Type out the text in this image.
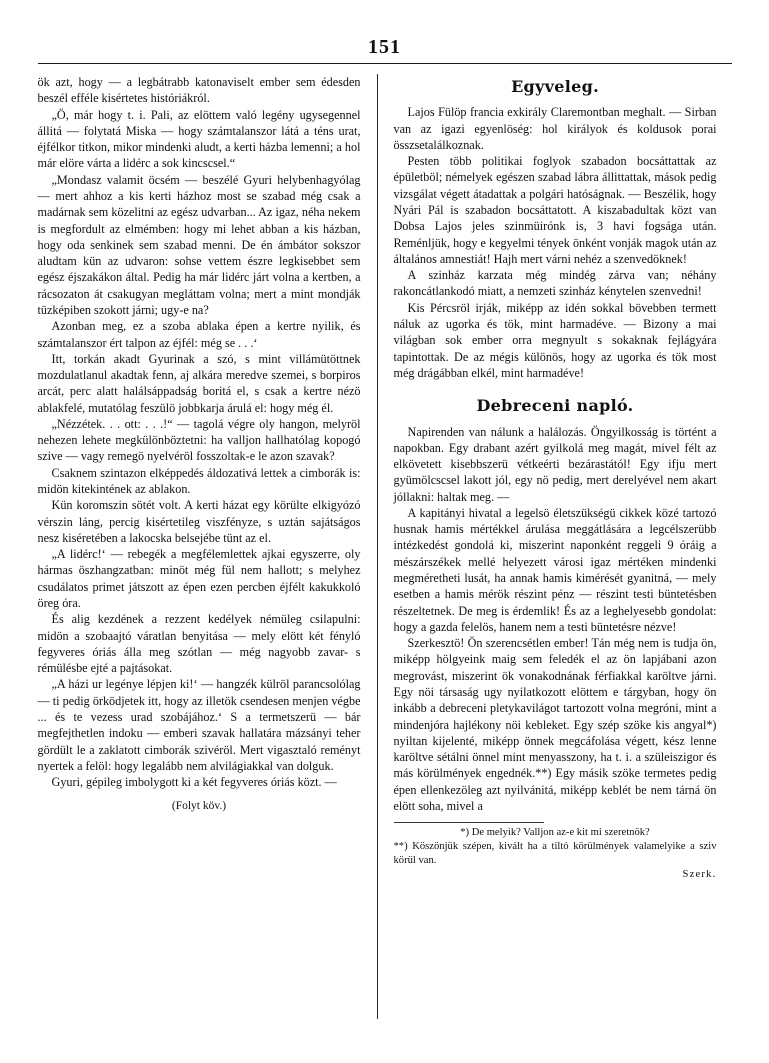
151

ök azt, hogy — a legbátrabb katonaviselt ember sem édesden beszél efféle kisértetes históriákról.

„Ö, már hogy t. i. Pali, az elöttem való legény ugysegennel állitá — folytatá Miska — hogy számtalanszor látá a téns urat, éjfélkor titkon, mikor mindenki aludt, a kerti házba lemenni; a hol már elöre várta a lidérc a sok kincscsel.“

„Mondasz valamit öcsém — beszélé Gyuri helybenhagyólag — mert ahhoz a kis kerti házhoz most se szabad még csak a madárnak sem közelitni az egész udvarban... Az igaz, néha nekem is megfordult az elmémben: hogy mi lehet abban a kis házban, hogy oda senkinek sem szabad menni. De én ámbátor sokszor aludtam kün az udvaron: sohse vettem észre legkisebbet sem egész éjszakákon által. Pedig ha már lidérc járt volna a kertben, a rácsozaton át csakugyan megláttam volna; mert a mint mondják tüzképiben szokott járni; ugy-e na?

Azonban meg, ez a szoba ablaka épen a kertre nyilik, és számtalanszor ért talpon az éjfél: még se . . .‘

Itt, torkán akadt Gyurinak a szó, s mint villámütöttnek mozdulatlanul akadtak fenn, aj alkára meredve szemei, s borpiros arcát, perc alatt halálsáppadság boritá el, s csak a kertre nézö ablakfelé, mutatólag feszülö jobbkarja árulá el: hogy még él.

„Nézzétek. . . ott: . . .!“ — tagolá végre oly hangon, melyröl nehezen lehete megkülönböztetni: ha valljon hallhatólag kopogó szive — vagy remegö nyelvéröl fosszoltak-e le azon szavak?

Csaknem szintazon elképpedés áldozativá lettek a cimborák is: midön kitekintének az ablakon.

Kün koromszin sötét volt. A kerti házat egy körülte elkigyózó vérszin láng, percig kisértetileg viszfényze, s uztán sajátságos nesz kiséretében a lakocska belsejébe tünt az el.

„A lidérc!‘ — rebegék a megfélemlettek ajkai egyszerre, oly hármas öszhangzatban: minöt még fül nem hallott; s melyhez csudálatos primet játszott az épen ezen percben éjfélt kakukkoló öreg óra.

És alig kezdének a rezzent kedélyek némüleg csilapulni: midön a szobaajtó váratlan benyitása — mely elött két fényló fegyveres óriás álla meg szótlan — még nagyobb zavar- s rémülésbe ejté a pajtásokat.

„A házi ur legénye lépjen ki!‘ — hangzék külröl parancsolólag — ti pedig örködjetek itt, hogy az illetök csendesen menjen végbe ... és te vezess urad szobájához.‘ S a termetszerü — bár megfejthetlen indoku — emberi szavak hallatára mázsányi teher gördült le a zaklatott cimborák szivéröl. Mert vigasztaló reményt nyertek a felöl: hogy legalább nem alvilágiakkal van dolguk.

Gyuri, gépileg imbolygott ki a két fegyveres óriás közt. —

(Folyt köv.)

Egyveleg.

Lajos Fülöp francia exkirály Claremontban meghalt. — Sirban van az igazi egyenlöség: hol királyok és koldusok porai összsetalálkoznak.

Pesten több politikai foglyok szabadon bocsáttattak az épületböl; némelyek egészen szabad lábra állittattak, mások pedig vizsgálat végett átadattak a polgári hatóságnak. — Beszélik, hogy Nyári Pál is szabadon bocsáttatott. A kiszabadultak közt van Dobsa Lajos jeles szinmüirónk is, 3 havi fogsága után. Reménljük, hogy e kegyelmi tények önként vonják magok után az általános amnestiát! Hajh mert várni nehéz a szenvedöknek!

A szinház karzata még mindég zárva van; néhány rakoncátlankodó miatt, a nemzeti szinház kénytelen szenvedni!

Kis Pércsröl irják, miképp az idén sokkal bövebben termett náluk az ugorka és tök, mint harmadéve. — Bizony a mai világban sok ember orra megnyult s sokaknak fejlágyára tapintottak. De az mégis különös, hogy az ugorka és tök most még drágábban elkél, mint harmadéve!

Debreceni napló.

Napirenden van nálunk a halálozás. Öngyilkosság is történt a napokban. Egy drabant azért gyilkolá meg magát, mivel félt az elkövetett kisebbszerü vétkeérti bezárastától! Egy ifju mert gyümölcscsel lakott jól, egy nö pedig, mert derelyével nem akart jóllakni: haltak meg. —

A kapitányi hivatal a legelsö életszükségü cikkek közé tartozó husnak hamis mértékkel árulása meggátlására a legcélszerübb intézkedést gondolá ki, miszerint naponként reggeli 9 óráig a mészárszékek mellé helyezett városi igaz mértéken mindenki megméretheti lusát, ha annak hamis kimérését gyanitná, — mely esetben a hamis mérök részint pénz — részint testi büntetésben részeltetnek. De meg is érdemlik! És az a leghelyesebb gondolat: hogy a gazda felelös, hanem nem a testi büntetésre nézve!

Szerkesztö! Ön szerencsétlen ember! Tán még nem is tudja ön, miképp hölgyeink maig sem feledék el az ön lapjábani azon megrovást, miszerint ök vonakodnának férfiakkal karöltve járni. Egy nöi társaság ugy nyilatkozott elöttem e tárgyban, hogy ön inkább a debreceni pletykavilágot tartozott volna megróni, mint a mindenjóra hajlékony nöi kebleket. Egy szép szöke kis angyal*) nyiltan kijelenté, miképp önnek megcáfolása végett, kész lenne karöltve sétálni önnel mint menyasszony, ha t. i. a szüleiszigor és más körülmények engednék.**) Egy másik szöke termetes pedig épen ellenkezöleg azt nyilvánitá, miképp keblét be nem tárná ön elött soha, mivel a

*) De melyik? Valljon az-e kit mi szeretnök?

**) Köszönjük szépen, kivált ha a tiltó körülmények valamelyike a sziv körül van.

Szerk.
